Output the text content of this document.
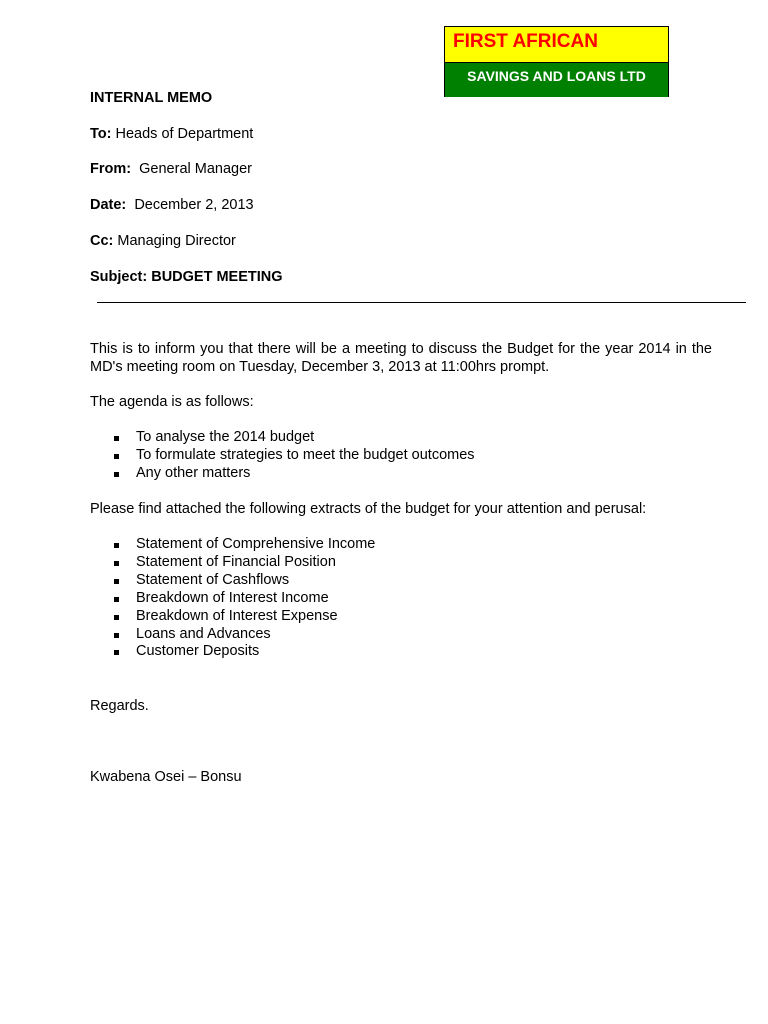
FIRST AFRICAN
SAVINGS AND LOANS LTD
INTERNAL MEMO
To: Heads of Department
From:  General Manager
Date:  December 2, 2013
Cc: Managing Director
Subject: BUDGET MEETING
This is to inform you that there will be a meeting to discuss the Budget for the year 2014 in the MD's meeting room on Tuesday, December 3, 2013 at 11:00hrs prompt.
The agenda is as follows:
To analyse the 2014 budget
To formulate strategies to meet the budget outcomes
Any other matters
Please find attached the following extracts of the budget for your attention and perusal:
Statement of Comprehensive Income
Statement of Financial Position
Statement of Cashflows
Breakdown of Interest Income
Breakdown of Interest Expense
Loans and Advances
Customer Deposits
Regards.
Kwabena Osei – Bonsu
